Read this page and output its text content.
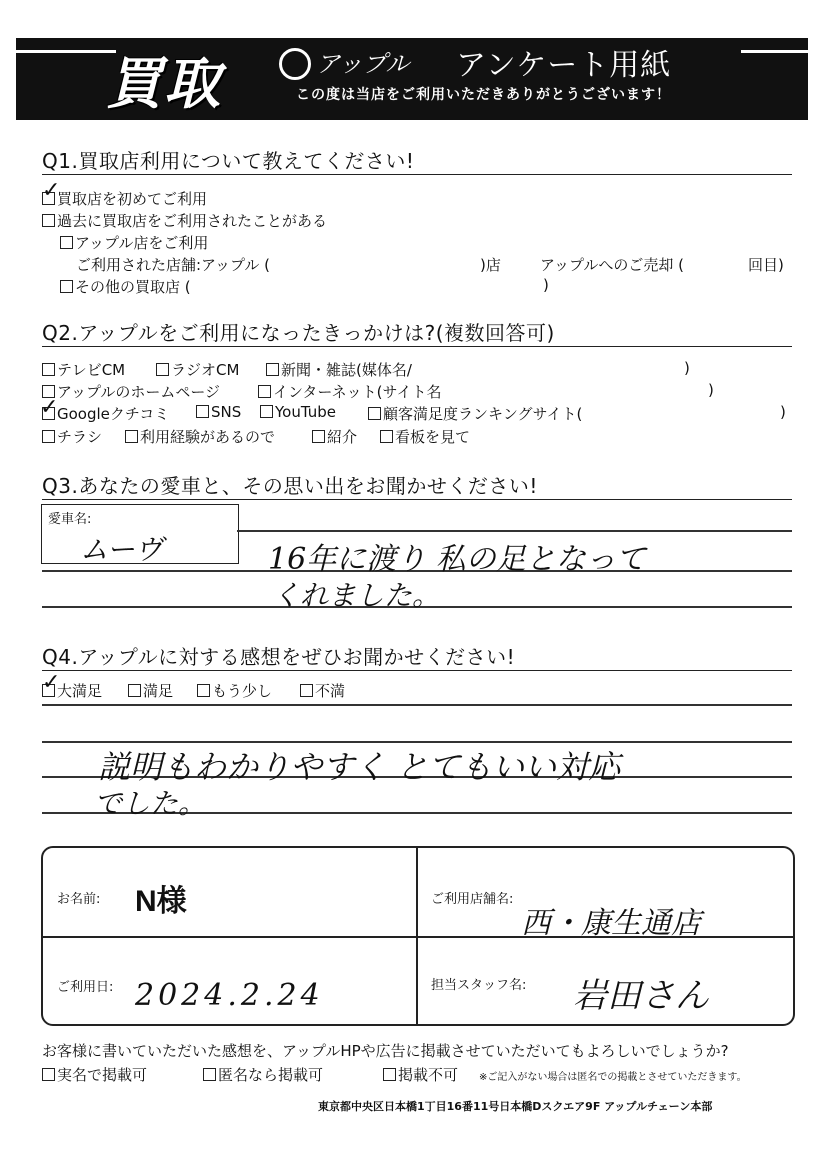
買取	アップル アンケート用紙
この度は当店をご利用いただきありがとうございます！
Q1.買取店利用について教えてください!
買取店を初めてご利用
✓
過去に買取店をご利用されたことがある
アップル店をご利用
ご利用された店舗:アップル (	)店	アップルへのご売却 (	回目)
その他の買取店 (	)
Q2.アップルをご利用になったきっかけは?(複数回答可)
テレビCM	ラジオCM	新聞・雑誌(媒体名/	)
アップルのホームページ	インターネット(サイト名	)
Googleクチコミ
✓	SNS	YouTube	顧客満足度ランキングサイト(	)
チラシ	利用経験があるので	紹介	看板を見て
Q3.あなたの愛車と、その思い出をお聞かせください!
愛車名:
ムーヴ	16年に渡り 私の足となって
くれました。
Q4.アップルに対する感想をぜひお聞かせください!
大満足
✓	満足	もう少し	不満
説明もわかりやすく とてもいい対応
でした。
お名前: N様	ご利用店舗名:
西・康生通店
ご利用日: 2024.2.24	担当スタッフ名: 岩田さん
お客様に書いていただいた感想を、アップルHPや広告に掲載させていただいてもよろしいでしょうか?
実名で掲載可	匿名なら掲載可	掲載不可 ※ご記入がない場合は匿名での掲載とさせていただきます。
東京都中央区日本橋1丁目16番11号日本橋Dスクエア9F アップルチェーン本部
